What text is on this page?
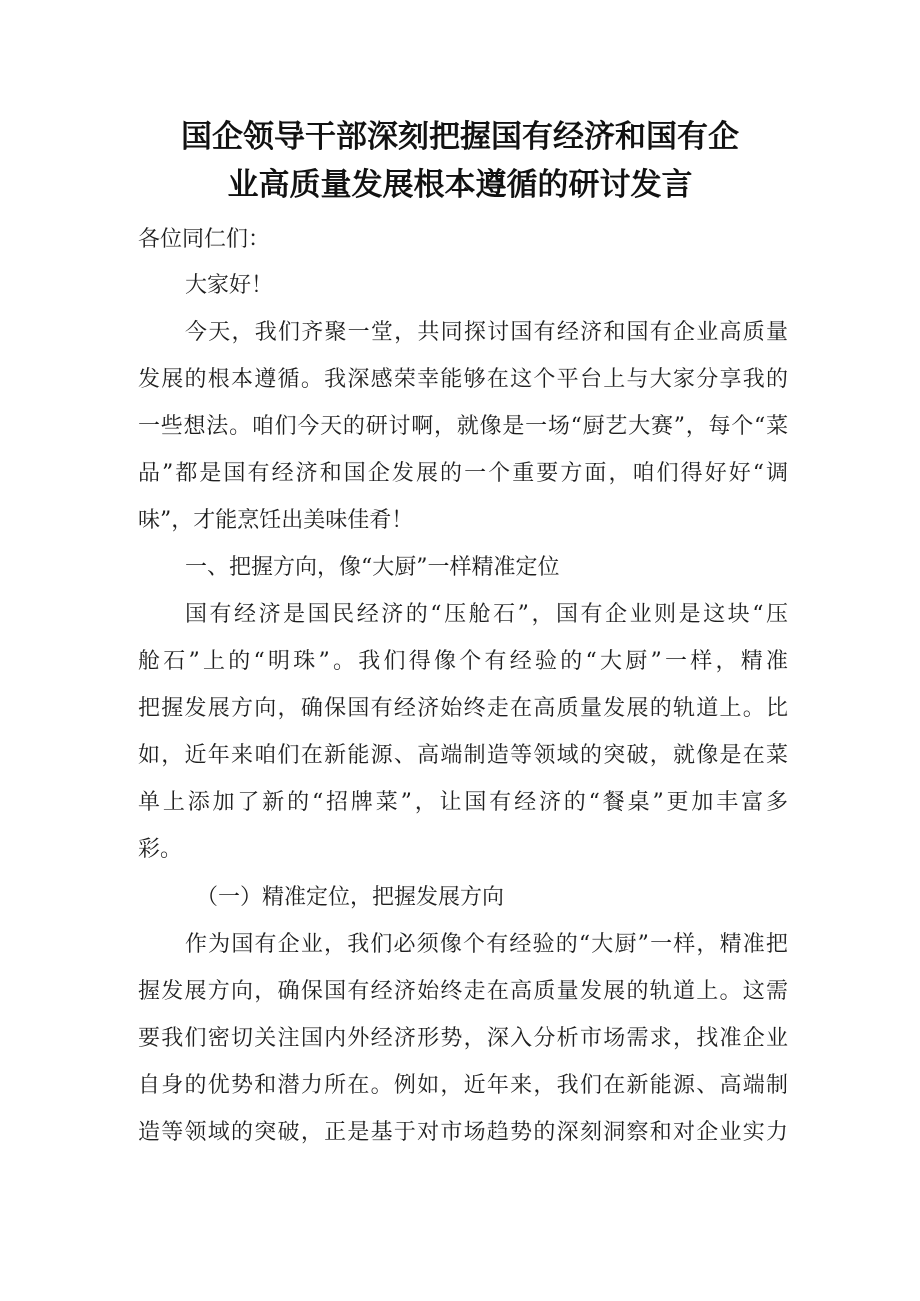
国企领导干部深刻把握国有经济和国有企
业高质量发展根本遵循的研讨发言
各位同仁们：
大家好！
今天，我们齐聚一堂，共同探讨国有经济和国有企业高质量
发展的根本遵循。我深感荣幸能够在这个平台上与大家分享我的
一些想法。咱们今天的研讨啊，就像是一场“厨艺大赛”，每个“菜
品”都是国有经济和国企发展的一个重要方面，咱们得好好“调
味”，才能烹饪出美味佳肴！
一、把握方向，像“大厨”一样精准定位
国有经济是国民经济的“压舱石”，国有企业则是这块“压
舱石”上的“明珠”。我们得像个有经验的“大厨”一样，精准
把握发展方向，确保国有经济始终走在高质量发展的轨道上。比
如，近年来咱们在新能源、高端制造等领域的突破，就像是在菜
单上添加了新的“招牌菜”，让国有经济的“餐桌”更加丰富多
彩。
（一）精准定位，把握发展方向
作为国有企业，我们必须像个有经验的“大厨”一样，精准把
握发展方向，确保国有经济始终走在高质量发展的轨道上。这需
要我们密切关注国内外经济形势，深入分析市场需求，找准企业
自身的优势和潜力所在。例如，近年来，我们在新能源、高端制
造等领域的突破，正是基于对市场趋势的深刻洞察和对企业实力
